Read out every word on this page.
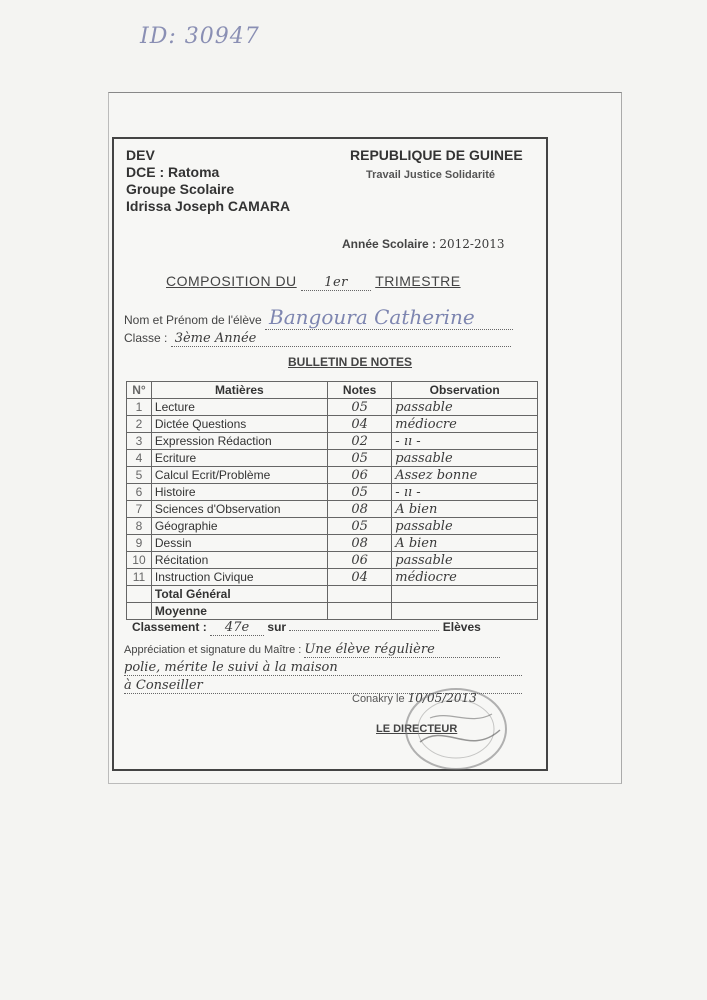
ID: 30947
DEV
DCE : Ratoma
Groupe Scolaire
Idrissa Joseph CAMARA
REPUBLIQUE DE GUINEE
Travail Justice Solidarité
Année Scolaire : 2012-2013
COMPOSITION DU 1er TRIMESTRE
Nom et Prénom de l'élève Bangoura Catherine
Classe : 3ème Année
BULLETIN DE NOTES
N°	Matières	Notes	Observation
1	Lecture	05	passable
2	Dictée Questions	04	médiocre
3	Expression Rédaction	02	- ıı -
4	Ecriture	05	passable
5	Calcul Ecrit/Problème	06	Assez bonne
6	Histoire	05	- ıı -
7	Sciences d'Observation	08	A bien
8	Géographie	05	passable
9	Dessin	08	A bien
10	Récitation	06	passable
11	Instruction Civique	04	médiocre
	Total Général		
	Moyenne		
Classement : 47e sur	Elèves
Appréciation et signature du Maître : Une élève régulière
polie, mérite le suivi à la maison
à Conseiller
Conakry le 10/05/2013
LE DIRECTEUR
